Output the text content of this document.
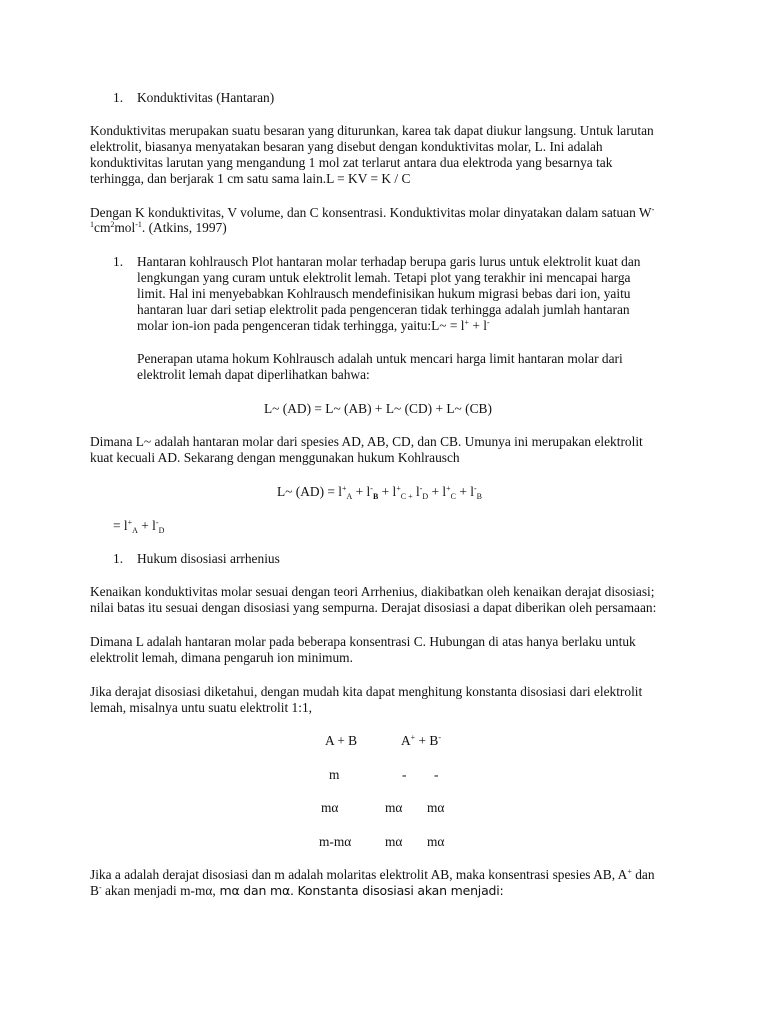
1. Konduktivitas (Hantaran)
Konduktivitas merupakan suatu besaran yang diturunkan, karea tak dapat diukur langsung. Untuk larutan
elektrolit, biasanya menyatakan besaran yang disebut dengan konduktivitas molar, L. Ini adalah
konduktivitas larutan yang mengandung 1 mol zat terlarut antara dua elektroda yang besarnya tak
terhingga, dan berjarak 1 cm satu sama lain.L = KV = K / C
Dengan K konduktivitas, V volume, dan C konsentrasi. Konduktivitas molar dinyatakan dalam satuan W-
$^1cm^2mol^{-1}$. (Atkins, 1997)
1. Hantaran kohlrausch Plot hantaran molar terhadap berupa garis lurus untuk elektrolit kuat dan
lengkungan yang curam untuk elektrolit lemah. Tetapi plot yang terakhir ini mencapai harga
limit. Hal ini menyebabkan Kohlrausch mendefinisikan hukum migrasi bebas dari ion, yaitu
hantaran luar dari setiap elektrolit pada pengenceran tidak terhingga adalah jumlah hantaran
molar ion-ion pada pengenceran tidak terhingga, yaitu:L~ = l+ + l-
Penerapan utama hokum Kohlrausch adalah untuk mencari harga limit hantaran molar dari
elektrolit lemah dapat diperlihatkan bahwa:
L~ (AD) = L~ (AB) + L~ (CD) + L~ (CB)
Dimana L~ adalah hantaran molar dari spesies AD, AB, CD, dan CB. Umunya ini merupakan elektrolit
kuat kecuali AD. Sekarang dengan menggunakan hukum Kohlrausch
L~ $(AD) = l^+_A + l^-_B + l^+_{C +}$ $l^-_D + l^+_C + l^-_B$
= $l^+_A + l^-_D$
1. Hukum disosiasi arrhenius
Kenaikan konduktivitas molar sesuai dengan teori Arrhenius, diakibatkan oleh kenaikan derajat disosiasi;
nilai batas itu sesuai dengan disosiasi yang sempurna. Derajat disosiasi a dapat diberikan oleh persamaan:
Dimana L adalah hantaran molar pada beberapa konsentrasi C. Hubungan di atas hanya berlaku untuk
elektrolit lemah, dimana pengaruh ion minimum.
Jika derajat disosiasi diketahui, dengan mudah kita dapat menghitung konstanta disosiasi dari elektrolit
lemah, misalnya untu suatu elektrolit 1:1,
A + B	A+ + B-
m	- -
mα	mα mα
m-mα	mα mα
Jika a adalah derajat disosiasi dan m adalah molaritas elektrolit AB, maka konsentrasi spesies AB, A+ dan
B- akan menjadi m-mα, mα dan mα. Konstanta disosiasi akan menjadi:
